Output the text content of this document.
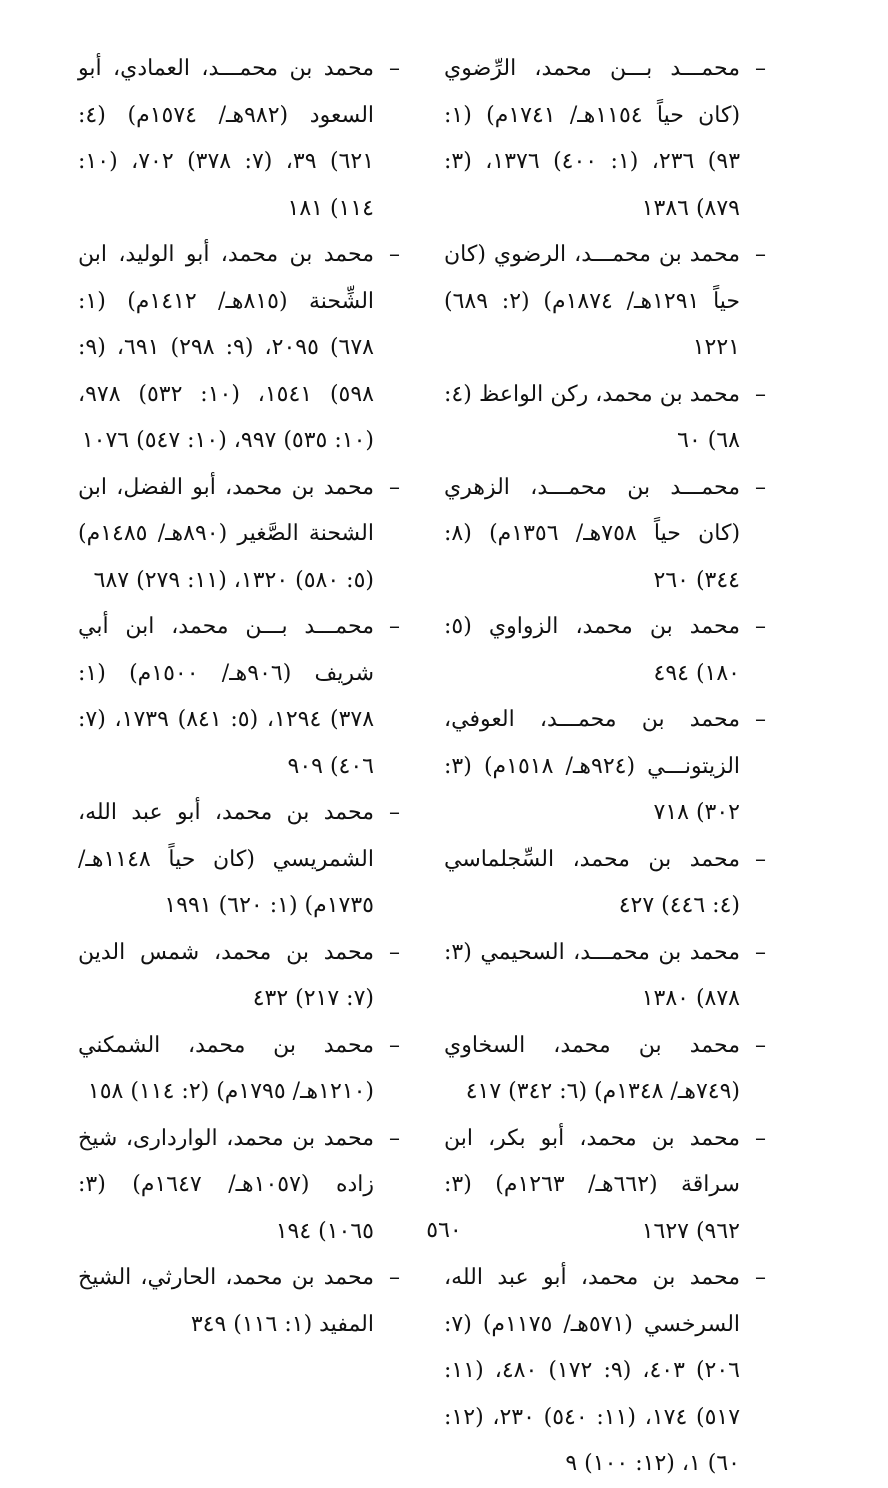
–
محمـــد بـــن محمد، الرِّضوي (كان حياً ١١٥٤هـ/ ١٧٤١م) (١: ٩٣) ٢٣٦، (١: ٤٠٠) ١٣٧٦، (٣: ٨٧٩) ١٣٨٦

–
محمد بن محمـــد، الرضوي (كان حياً ١٢٩١هـ/ ١٨٧٤م) (٢: ٦٨٩) ١٢٢١

–
محمد بن محمد، ركن الواعظ (٤: ٦٨) ٦٠

–
محمـــد بن محمـــد، الزهري (كان حياً ٧٥٨هـ/ ١٣٥٦م) (٨: ٣٤٤) ٢٦٠

–
محمد بن محمد، الزواوي (٥: ١٨٠) ٤٩٤

–
محمد بن محمـــد، العوفي، الزيتونـــي (٩٢٤هـ/ ١٥١٨م) (٣: ٣٠٢) ٧١٨

–
محمد بن محمد، السِّجلماسي (٤: ٤٤٦) ٤٢٧

–
محمد بن محمـــد، السحيمي (٣: ٨٧٨) ١٣٨٠

–
محمد بن محمد، السخاوي (٧٤٩هـ/ ١٣٤٨م) (٦: ٣٤٢) ٤١٧

–
محمد بن محمد، أبو بكر، ابن سراقة (٦٦٢هـ/ ١٢٦٣م) (٣: ٩٦٢) ١٦٢٧

–
محمد بن محمد، أبو عبد الله، السرخسي (٥٧١هـ/ ١١٧٥م) (٧: ٢٠٦) ٤٠٣، (٩: ١٧٢) ٤٨٠، (١١: ٥١٧) ١٧٤، (١١: ٥٤٠) ٢٣٠، (١٢: ٦٠) ١، (١٢: ١٠٠) ٩

–
محمد بن محمـــد، العمادي، أبو السعود (٩٨٢هـ/ ١٥٧٤م) (٤: ٦٢١) ٣٩، (٧: ٣٧٨) ٧٠٢، (١٠: ١١٤) ١٨١

–
محمد بن محمد، أبو الوليد، ابن الشِّحنة (٨١٥هـ/ ١٤١٢م) (١: ٦٧٨) ٢٠٩٥، (٩: ٢٩٨) ٦٩١، (٩: ٥٩٨) ١٥٤١، (١٠: ٥٣٢) ٩٧٨، (١٠: ٥٣٥) ٩٩٧، (١٠: ٥٤٧) ١٠٧٦

–
محمد بن محمد، أبو الفضل، ابن الشحنة الصَّغير (٨٩٠هـ/ ١٤٨٥م) (٥: ٥٨٠) ١٣٢٠، (١١: ٢٧٩) ٦٨٧

–
محمـــد بـــن محمد، ابن أبي شريف (٩٠٦هـ/ ١٥٠٠م) (١: ٣٧٨) ١٢٩٤، (٥: ٨٤١) ١٧٣٩، (٧: ٤٠٦) ٩٠٩

–
محمد بن محمد، أبو عبد الله، الشمريسي (كان حياً ١١٤٨هـ/ ١٧٣٥م) (١: ٦٢٠) ١٩٩١

–
محمد بن محمد، شمس الدين (٧: ٢١٧) ٤٣٢

–
محمد بن محمد، الشمكني (١٢١٠هـ/ ١٧٩٥م) (٢: ١١٤) ١٥٨

–
محمد بن محمد، الواردارى، شيخ زاده (١٠٥٧هـ/ ١٦٤٧م) (٣: ١٠٦٥) ١٩٤

–
محمد بن محمد، الحارثي، الشيخ المفيد (١: ١١٦) ٣٤٩

٥٦٠
